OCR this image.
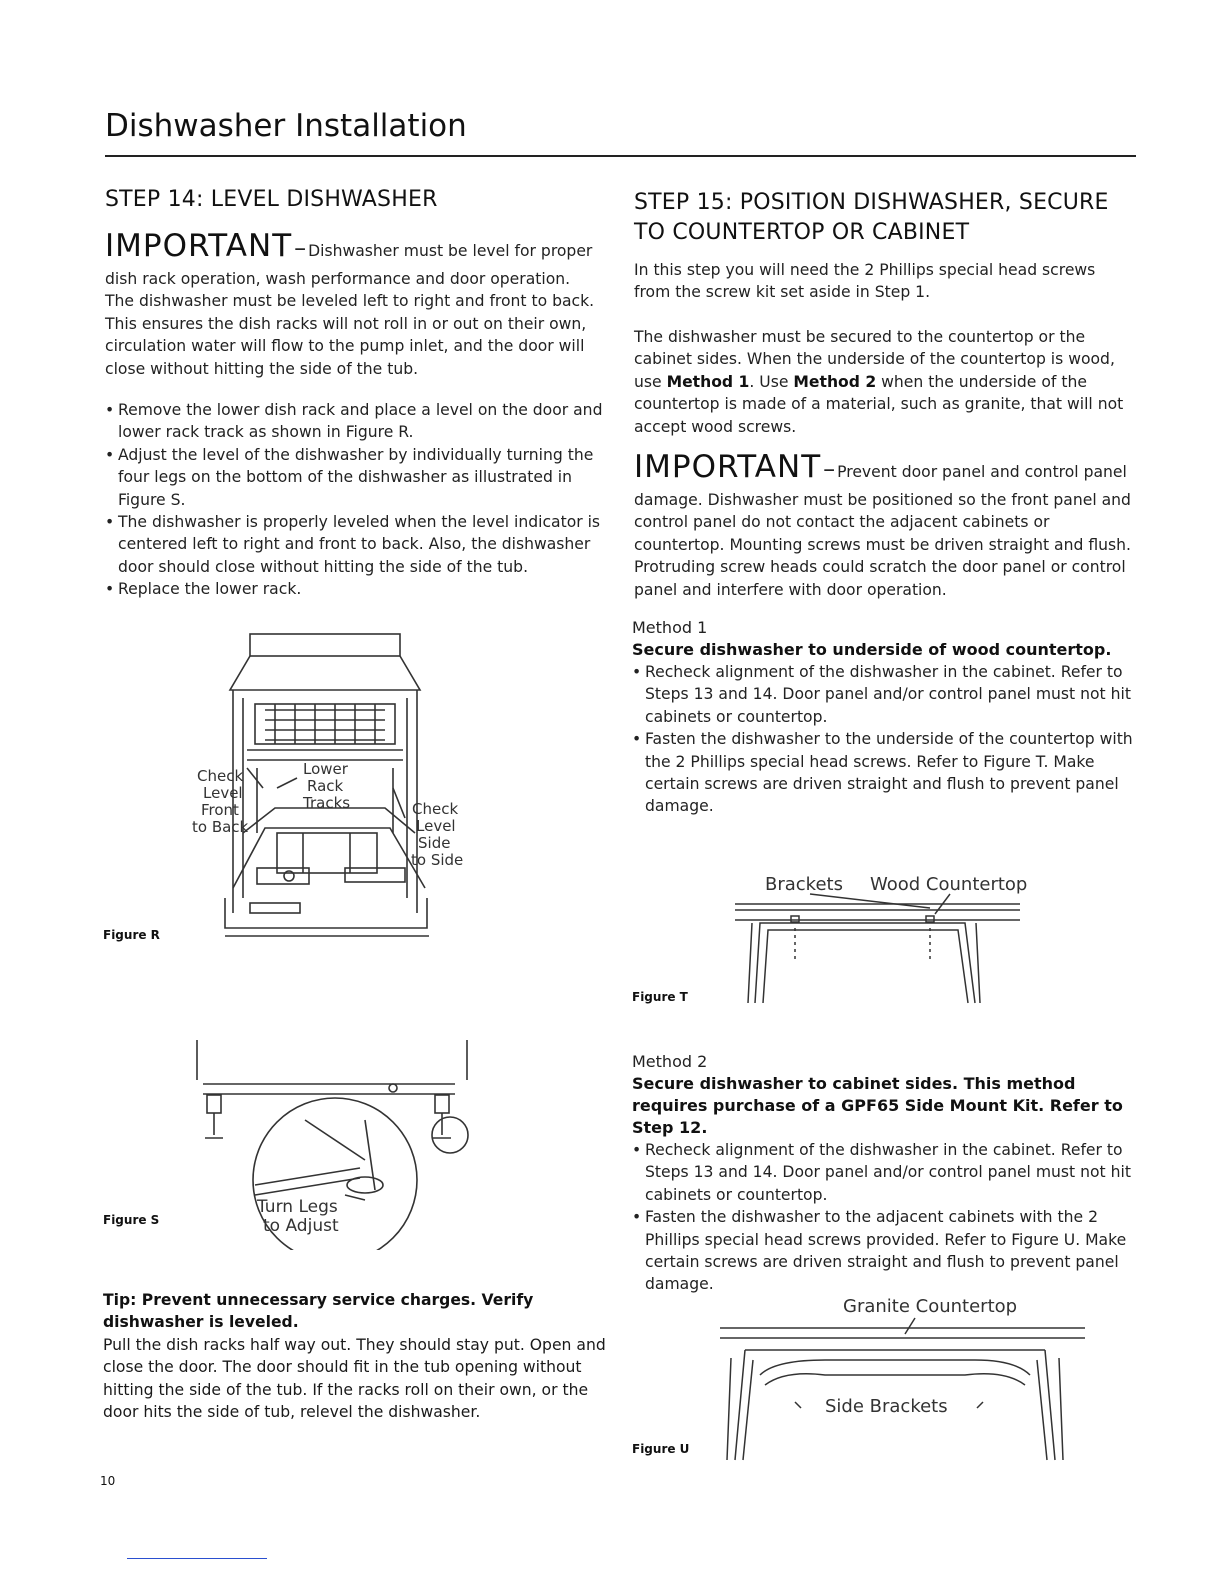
Dishwasher Installation
STEP 14: LEVEL DISHWASHER

IMPORTANT– Dishwasher must be level for proper

dish rack operation, wash performance and door operation. The dishwasher must be leveled left to right and front to back. This ensures the dish racks will not roll in or out on their own, circulation water will flow to the pump inlet, and the door will close without hitting the side of the tub.

• Remove the lower dish rack and place a level on the door and lower rack track as shown in Figure R.
• Adjust the level of the dishwasher by individually turning the four legs on the bottom of the dishwasher as illustrated in Figure S.
• The dishwasher is properly leveled when the level indicator is centered left to right and front to back. Also, the dishwasher door should close without hitting the side of the tub.
• Replace the lower rack.
Check
Level
Front
to Back
Lower
Rack
Tracks	Check
Level
Side
to Side
Figure R
Turn Legs
to Adjust
Figure S

Tip: Prevent unnecessary service charges. Verify dishwasher is leveled.

Pull the dish racks half way out. They should stay put. Open and close the door. The door should fit in the tub opening without hitting the side of the tub. If the racks roll on their own, or the door hits the side of tub, relevel the dishwasher.

STEP 15: POSITION DISHWASHER, SECURE
TO COUNTERTOP OR CABINET
In this step you will need the 2 Phillips special head screws from the screw kit set aside in Step 1.
The dishwasher must be secured to the countertop or the cabinet sides. When the underside of the countertop is wood, use Method 1. Use Method 2 when the underside of the countertop is made of a material, such as granite, that will not accept wood screws.

IMPORTANT– Prevent door panel and control panel

damage. Dishwasher must be positioned so the front panel and control panel do not contact the adjacent cabinets or countertop. Mounting screws must be driven straight and flush. Protruding screw heads could scratch the door panel or control panel and interfere with door operation.

Method 1
Secure dishwasher to underside of wood countertop.
• Recheck alignment of the dishwasher in the cabinet. Refer to Steps 13 and 14. Door panel and/or control panel must not hit cabinets or countertop.
• Fasten the dishwasher to the underside of the countertop with the 2 Phillips special head screws. Refer to Figure T. Make certain screws are driven straight and flush to prevent panel damage.
Brackets Wood Countertop
Figure T
Method 2
Secure dishwasher to cabinet sides. This method requires purchase of a GPF65 Side Mount Kit. Refer to Step 12.
• Recheck alignment of the dishwasher in the cabinet. Refer to Steps 13 and 14. Door panel and/or control panel must not hit cabinets or countertop.
• Fasten the dishwasher to the adjacent cabinets with the 2 Phillips special head screws provided. Refer to Figure U. Make certain screws are driven straight and flush to prevent panel damage.
Granite Countertop
Side Brackets
Figure U
10
